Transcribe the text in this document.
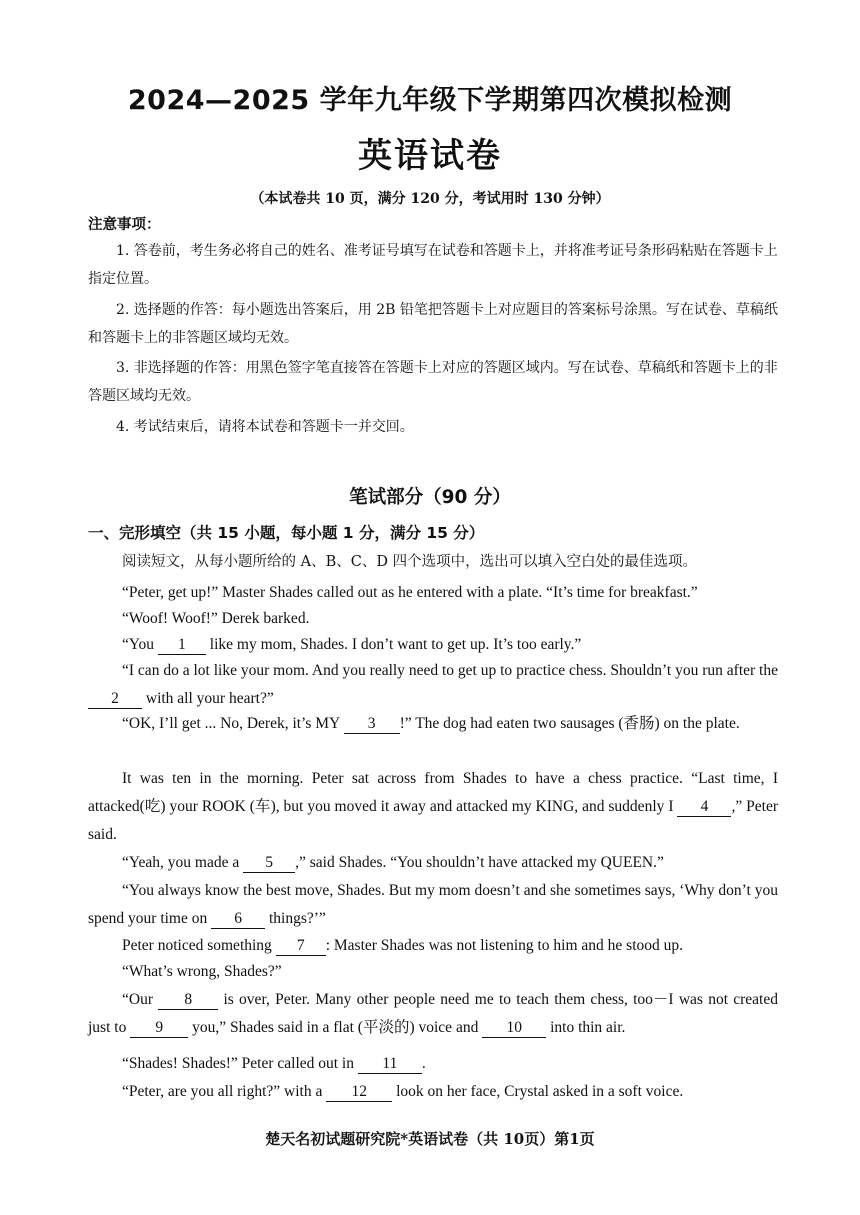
2024—2025 学年九年级下学期第四次模拟检测
英语试卷
（本试卷共 10 页，满分 120 分，考试用时 130 分钟）
注意事项：
1. 答卷前，考生务必将自己的姓名、准考证号填写在试卷和答题卡上，并将准考证号条形码粘贴在答题卡上指定位置。
2. 选择题的作答：每小题选出答案后，用 2B 铅笔把答题卡上对应题目的答案标号涂黑。写在试卷、草稿纸和答题卡上的非答题区域均无效。
3. 非选择题的作答：用黑色签字笔直接答在答题卡上对应的答题区域内。写在试卷、草稿纸和答题卡上的非答题区域均无效。
4. 考试结束后，请将本试卷和答题卡一并交回。
笔试部分（90 分）
一、完形填空（共 15 小题，每小题 1 分，满分 15 分）
阅读短文，从每小题所给的 A、B、C、D 四个选项中，选出可以填入空白处的最佳选项。
“Peter, get up!” Master Shades called out as he entered with a plate. “It’s time for breakfast.”
“Woof! Woof!” Derek barked.
“You 1 like my mom, Shades. I don’t want to get up. It’s too early.”
“I can do a lot like your mom. And you really need to get up to practice chess. Shouldn’t you run after the 2 with all your heart?”
“OK, I’ll get ... No, Derek, it’s MY 3 !” The dog had eaten two sausages (香肠) on the plate.
It was ten in the morning. Peter sat across from Shades to have a chess practice. “Last time, I attacked(吃) your ROOK (车), but you moved it away and attacked my KING, and suddenly I 4 ,” Peter said.
“Yeah, you made a 5 ,” said Shades. “You shouldn’t have attacked my QUEEN.”
“You always know the best move, Shades. But my mom doesn’t and she sometimes says, ‘Why don’t you spend your time on 6 things?’”
Peter noticed something 7 : Master Shades was not listening to him and he stood up.
“What’s wrong, Shades?”
“Our 8 is over, Peter. Many other people need me to teach them chess, too－I was not created just to 9 you,” Shades said in a flat (平淡的) voice and 10 into thin air.
“Shades! Shades!” Peter called out in 11 .
“Peter, are you all right?” with a 12 look on her face, Crystal asked in a soft voice.
楚天名初试题研究院*英语试卷（共 10页）第1页
